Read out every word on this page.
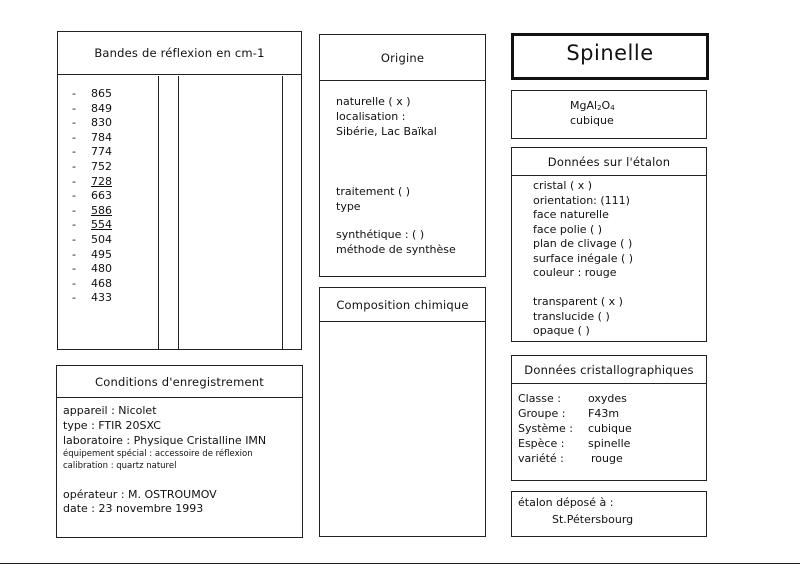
Bandes de réflexion en cm-1
- 865
- 849
- 830
- 784
- 774
- 752
- 728
- 663
- 586
- 554
- 504
- 495
- 480
- 468
- 433
Origine
naturelle ( x )
localisation :
Sibérie, Lac Baïkal
traitement ( )
type
synthétique : ( )
méthode de synthèse
Composition chimique
Conditions d'enregistrement
appareil : Nicolet
type : FTIR 20SXC
laboratoire : Physique Cristalline IMN
équipement spécial : accessoire de réflexion
calibration : quartz naturel
opérateur : M. OSTROUMOV
date : 23 novembre 1993
Spinelle
MgAl2O4
cubique
Données sur l'étalon
cristal ( x )
orientation: (111)
face naturelle
face polie ( )
plan de clivage ( )
surface inégale ( )
couleur : rouge
transparent ( x )
translucide ( )
opaque ( )
Données cristallographiques
Classe : oxydes
Groupe : F43m
Système : cubique
Espèce : spinelle
variété : rouge
étalon déposé à :
St.Pétersbourg
